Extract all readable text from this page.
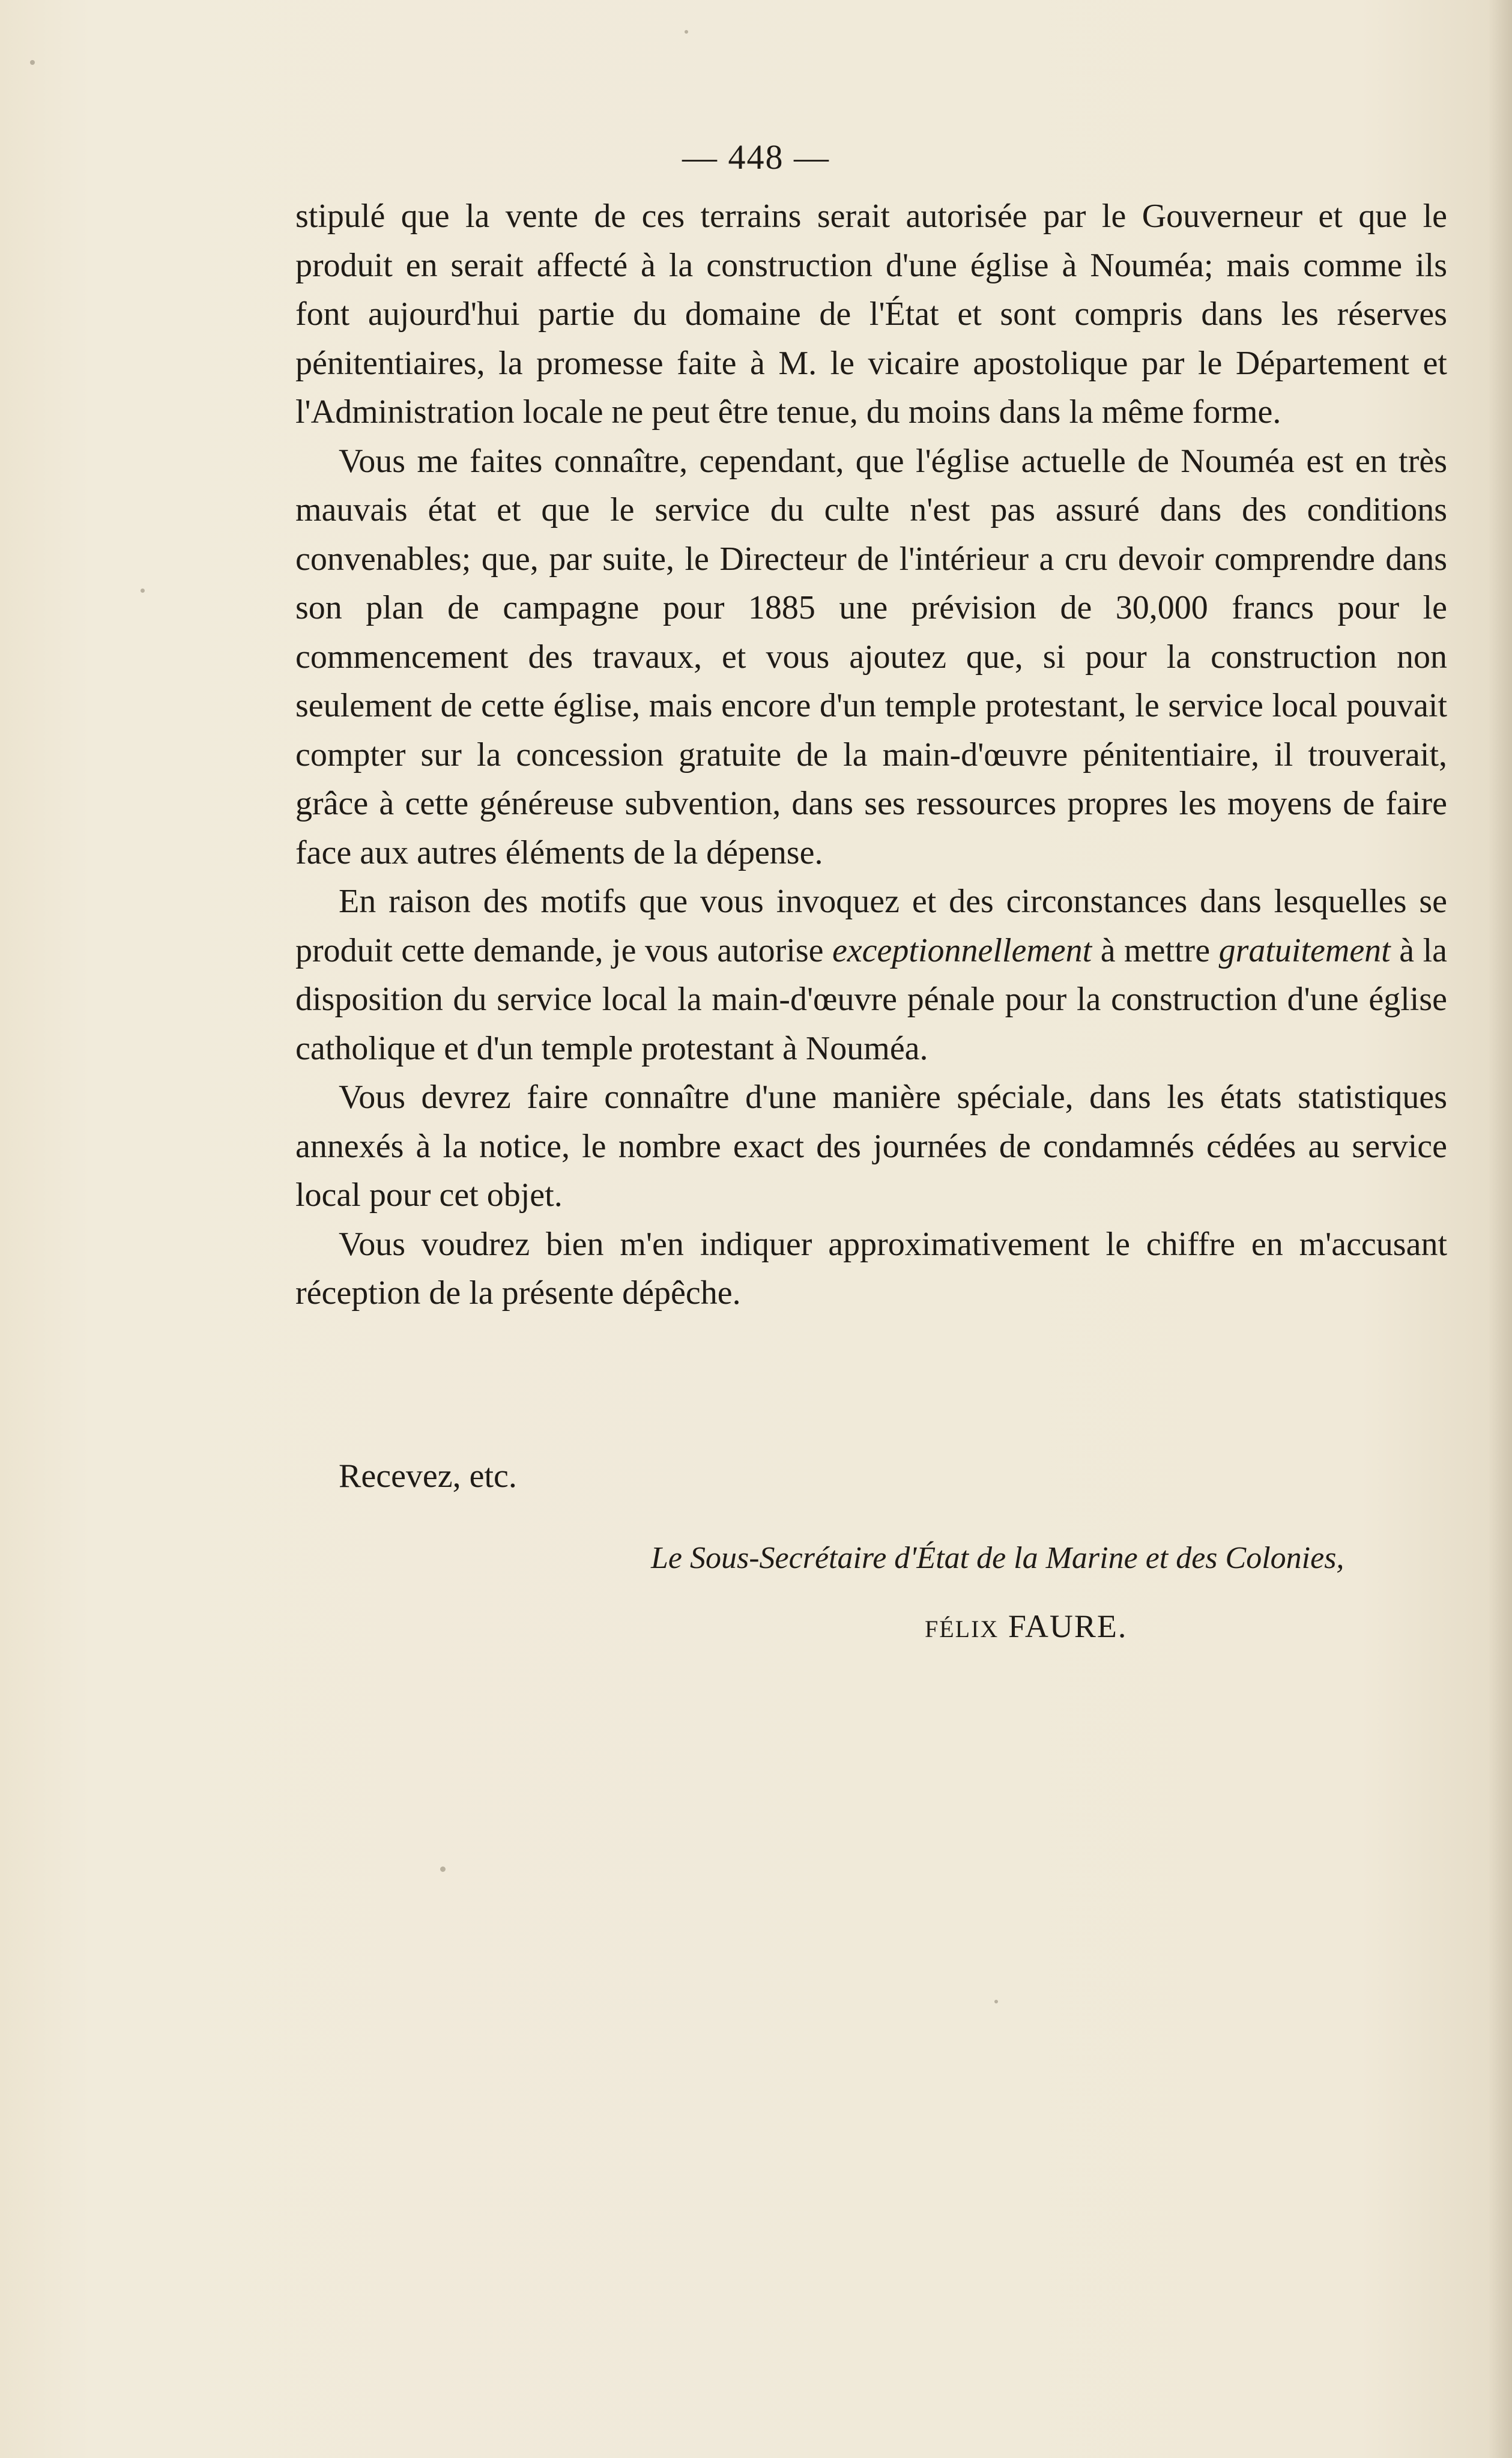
— 448 —

stipulé que la vente de ces terrains serait autorisée par le Gouverneur et que le produit en serait affecté à la construction d'une église à Nouméa; mais comme ils font aujourd'hui partie du domaine de l'État et sont compris dans les réserves pénitentiaires, la promesse faite à M. le vicaire apostolique par le Département et l'Administration locale ne peut être tenue, du moins dans la même forme.

Vous me faites connaître, cependant, que l'église actuelle de Nouméa est en très mauvais état et que le service du culte n'est pas assuré dans des conditions convenables; que, par suite, le Directeur de l'intérieur a cru devoir comprendre dans son plan de campagne pour 1885 une prévision de 30,000 francs pour le commencement des travaux, et vous ajoutez que, si pour la construction non seulement de cette église, mais encore d'un temple protestant, le service local pouvait compter sur la concession gratuite de la main-d'œuvre pénitentiaire, il trouverait, grâce à cette généreuse subvention, dans ses ressources propres les moyens de faire face aux autres éléments de la dépense.

En raison des motifs que vous invoquez et des circonstances dans lesquelles se produit cette demande, je vous autorise exceptionnellement à mettre gratuitement à la disposition du service local la main-d'œuvre pénale pour la construction d'une église catholique et d'un temple protestant à Nouméa.

Vous devrez faire connaître d'une manière spéciale, dans les états statistiques annexés à la notice, le nombre exact des journées de condamnés cédées au service local pour cet objet.

Vous voudrez bien m'en indiquer approximativement le chiffre en m'accusant réception de la présente dépêche.

Recevez, etc.
Le Sous-Secrétaire d'État de la Marine et des Colonies,
FÉLIX FAURE.
